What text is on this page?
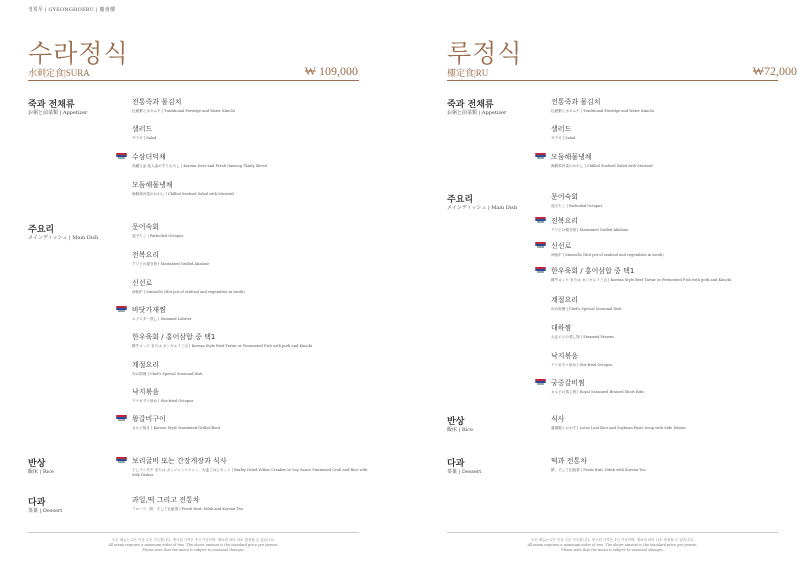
정희무 | GYEONGHOEBU | 慶會樓
수라정식
水刺定食|SURA	₩ 109,000
죽과 전채류
お粥と前菜類 | Appetizer
전통죽과 물김치
伝統粥と水キムチ | Traditional Porridge and Water Kimchi
샐러드
サラダ | Salad
수삼더덕채
高麗人参 桔人参のすりおろし | Korean Deer and Fresh Ginseng Thinly Sliced
모둠해물냉채
海鮮和冷菜のかわし | Chilled Seafood Salad with Mustard
주요리
メインディッシュ | Main Dish
문어숙회
茹でたこ | Parboiled Octopus
전복요리
アワビの焼き物 | Marinated Grilled Abalone
신선로
神仙炉 | Sinseollo (Hot pot of seafood and vegetables in broth)
바닷가재찜
ロブスター蒸し | Steamed Lobster
한우육회 / 홍어삼합 중 택1
韓牛ユッケ または ガンギエイ三合 | Korean Style Beef Tartar or Fermented Fish with pork and Kimchi
계절요리
旬の料理 | Chef's Special Seasonal Dish
낙지볶음
テナガダコ炒め | Stir-fried Octopus
왕갈비구이
カルビ焼き | Korean Style Marinated Grilled Beef
반상
飯床 | Rice
보리굴비 또는 간장게장과 식사
干しイシモチ または カンジャンケジャン、大麦ごはんセット | Barley Dried Yellow Croaker or Soy Sauce Marinated Crab and Rice with Side Dishes
다과
茶菓 | Dessert
과일,떡 그리고 전통차
フルーツ、餅、そして伝統茶 | Fresh fruit, Dduk and Korean Tea
모든 메뉴는 2인 이상 주문 가능합니다. 명시된 가격은 1인 기준이며, 재료에 따라 다소 변경될 수 있습니다.
All menu requires a minimum order of two. The above amount is the standard price per person.
Please note that the menu is subject to seasonal changes.
루정식
樓定食|RU	₩72,000
죽과 전채류
お粥と前菜類 | Appetizer
전통죽과 물김치
伝統粥と水キムチ | Traditional Porridge and Water Kimchi
샐러드
サラダ | Salad
모둠해물냉채
海鮮和冷菜のかわし | Chilled Seafood Salad with Mustard
주요리
メインディッシュ | Main Dish
문어숙회
茹でたこ | Parboiled Octopus
전복요리
アワビの焼き物 | Marinated Grilled Abalone
신선로
神仙炉 | Sinseollo (Hot pot of seafood and vegetables in broth)
한우육회 / 홍어삼합 중 택1
韓牛ユッケ または ガンギエイ三合 | Korean Style Beef Tartar or Fermented Fish with pork and Kimchi
계절요리
旬の料理 | Chef's Special Seasonal Dish
대하찜
大正エビの蒸し物 | Steamed Prawns
낙지볶음
テナガダコ炒め | Stir-fried Octopus
궁중갈비찜
カルビの蒸し物 | Royal Seasoned Braised Short Ribs
반상
飯床 | Rice
식사
蓮葉飯とおかず | Lotus Leaf Rice and Soybean Paste Soup with Side Dishes
다과
茶菓 | Dessert
떡과 전통차
餅、そして伝統茶 | Fresh fruit, Dduk with Korean Tea
모든 메뉴는 2인 이상 주문 가능합니다. 명시된 가격은 1인 기준이며, 재료에 따라 다소 변경될 수 있습니다.
All menu requires a minimum order of two. The above amount is the standard price per person.
Please note that the menu is subject to seasonal changes.
